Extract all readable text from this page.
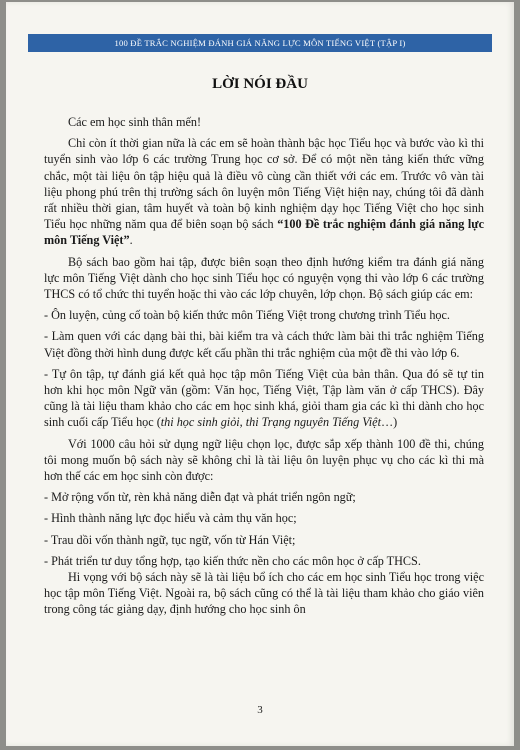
100 ĐỀ TRẮC NGHIỆM ĐÁNH GIÁ NĂNG LỰC MÔN TIẾNG VIỆT (TẬP I)
LỜI NÓI ĐẦU

Các em học sinh thân mến!

Chỉ còn ít thời gian nữa là các em sẽ hoàn thành bậc học Tiểu học và bước vào kì thi tuyển sinh vào lớp 6 các trường Trung học cơ sở. Để có một nền tảng kiến thức vững chắc, một tài liệu ôn tập hiệu quả là điều vô cùng cần thiết với các em. Trước vô vàn tài liệu phong phú trên thị trường sách ôn luyện môn Tiếng Việt hiện nay, chúng tôi đã dành rất nhiều thời gian, tâm huyết và toàn bộ kinh nghiệm dạy học Tiếng Việt cho học sinh Tiểu học những năm qua để biên soạn bộ sách “100 Đề trắc nghiệm đánh giá năng lực môn Tiếng Việt”.

Bộ sách bao gồm hai tập, được biên soạn theo định hướng kiểm tra đánh giá năng lực môn Tiếng Việt dành cho học sinh Tiểu học có nguyện vọng thi vào lớp 6 các trường THCS có tổ chức thi tuyển hoặc thi vào các lớp chuyên, lớp chọn. Bộ sách giúp các em:

- Ôn luyện, củng cố toàn bộ kiến thức môn Tiếng Việt trong chương trình Tiểu học.

- Làm quen với các dạng bài thi, bài kiểm tra và cách thức làm bài thi trắc nghiệm Tiếng Việt đồng thời hình dung được kết cấu phần thi trắc nghiệm của một đề thi vào lớp 6.

- Tự ôn tập, tự đánh giá kết quả học tập môn Tiếng Việt của bản thân. Qua đó sẽ tự tin hơn khi học môn Ngữ văn (gồm: Văn học, Tiếng Việt, Tập làm văn ở cấp THCS). Đây cũng là tài liệu tham khảo cho các em học sinh khá, giỏi tham gia các kì thi dành cho học sinh cuối cấp Tiểu học (thi học sinh giỏi, thi Trạng nguyên Tiếng Việt…)

Với 1000 câu hỏi sử dụng ngữ liệu chọn lọc, được sắp xếp thành 100 đề thi, chúng tôi mong muốn bộ sách này sẽ không chỉ là tài liệu ôn luyện phục vụ cho các kì thi mà hơn thế các em học sinh còn được:

- Mở rộng vốn từ, rèn khả năng diễn đạt và phát triển ngôn ngữ;

- Hình thành năng lực đọc hiểu và cảm thụ văn học;

- Trau dồi vốn thành ngữ, tục ngữ, vốn từ Hán Việt;

- Phát triển tư duy tổng hợp, tạo kiến thức nền cho các môn học ở cấp THCS.

Hi vọng với bộ sách này sẽ là tài liệu bổ ích cho các em học sinh Tiểu học trong việc học tập môn Tiếng Việt. Ngoài ra, bộ sách cũng có thể là tài liệu tham khảo cho giáo viên trong công tác giảng dạy, định hướng cho học sinh ôn

3
